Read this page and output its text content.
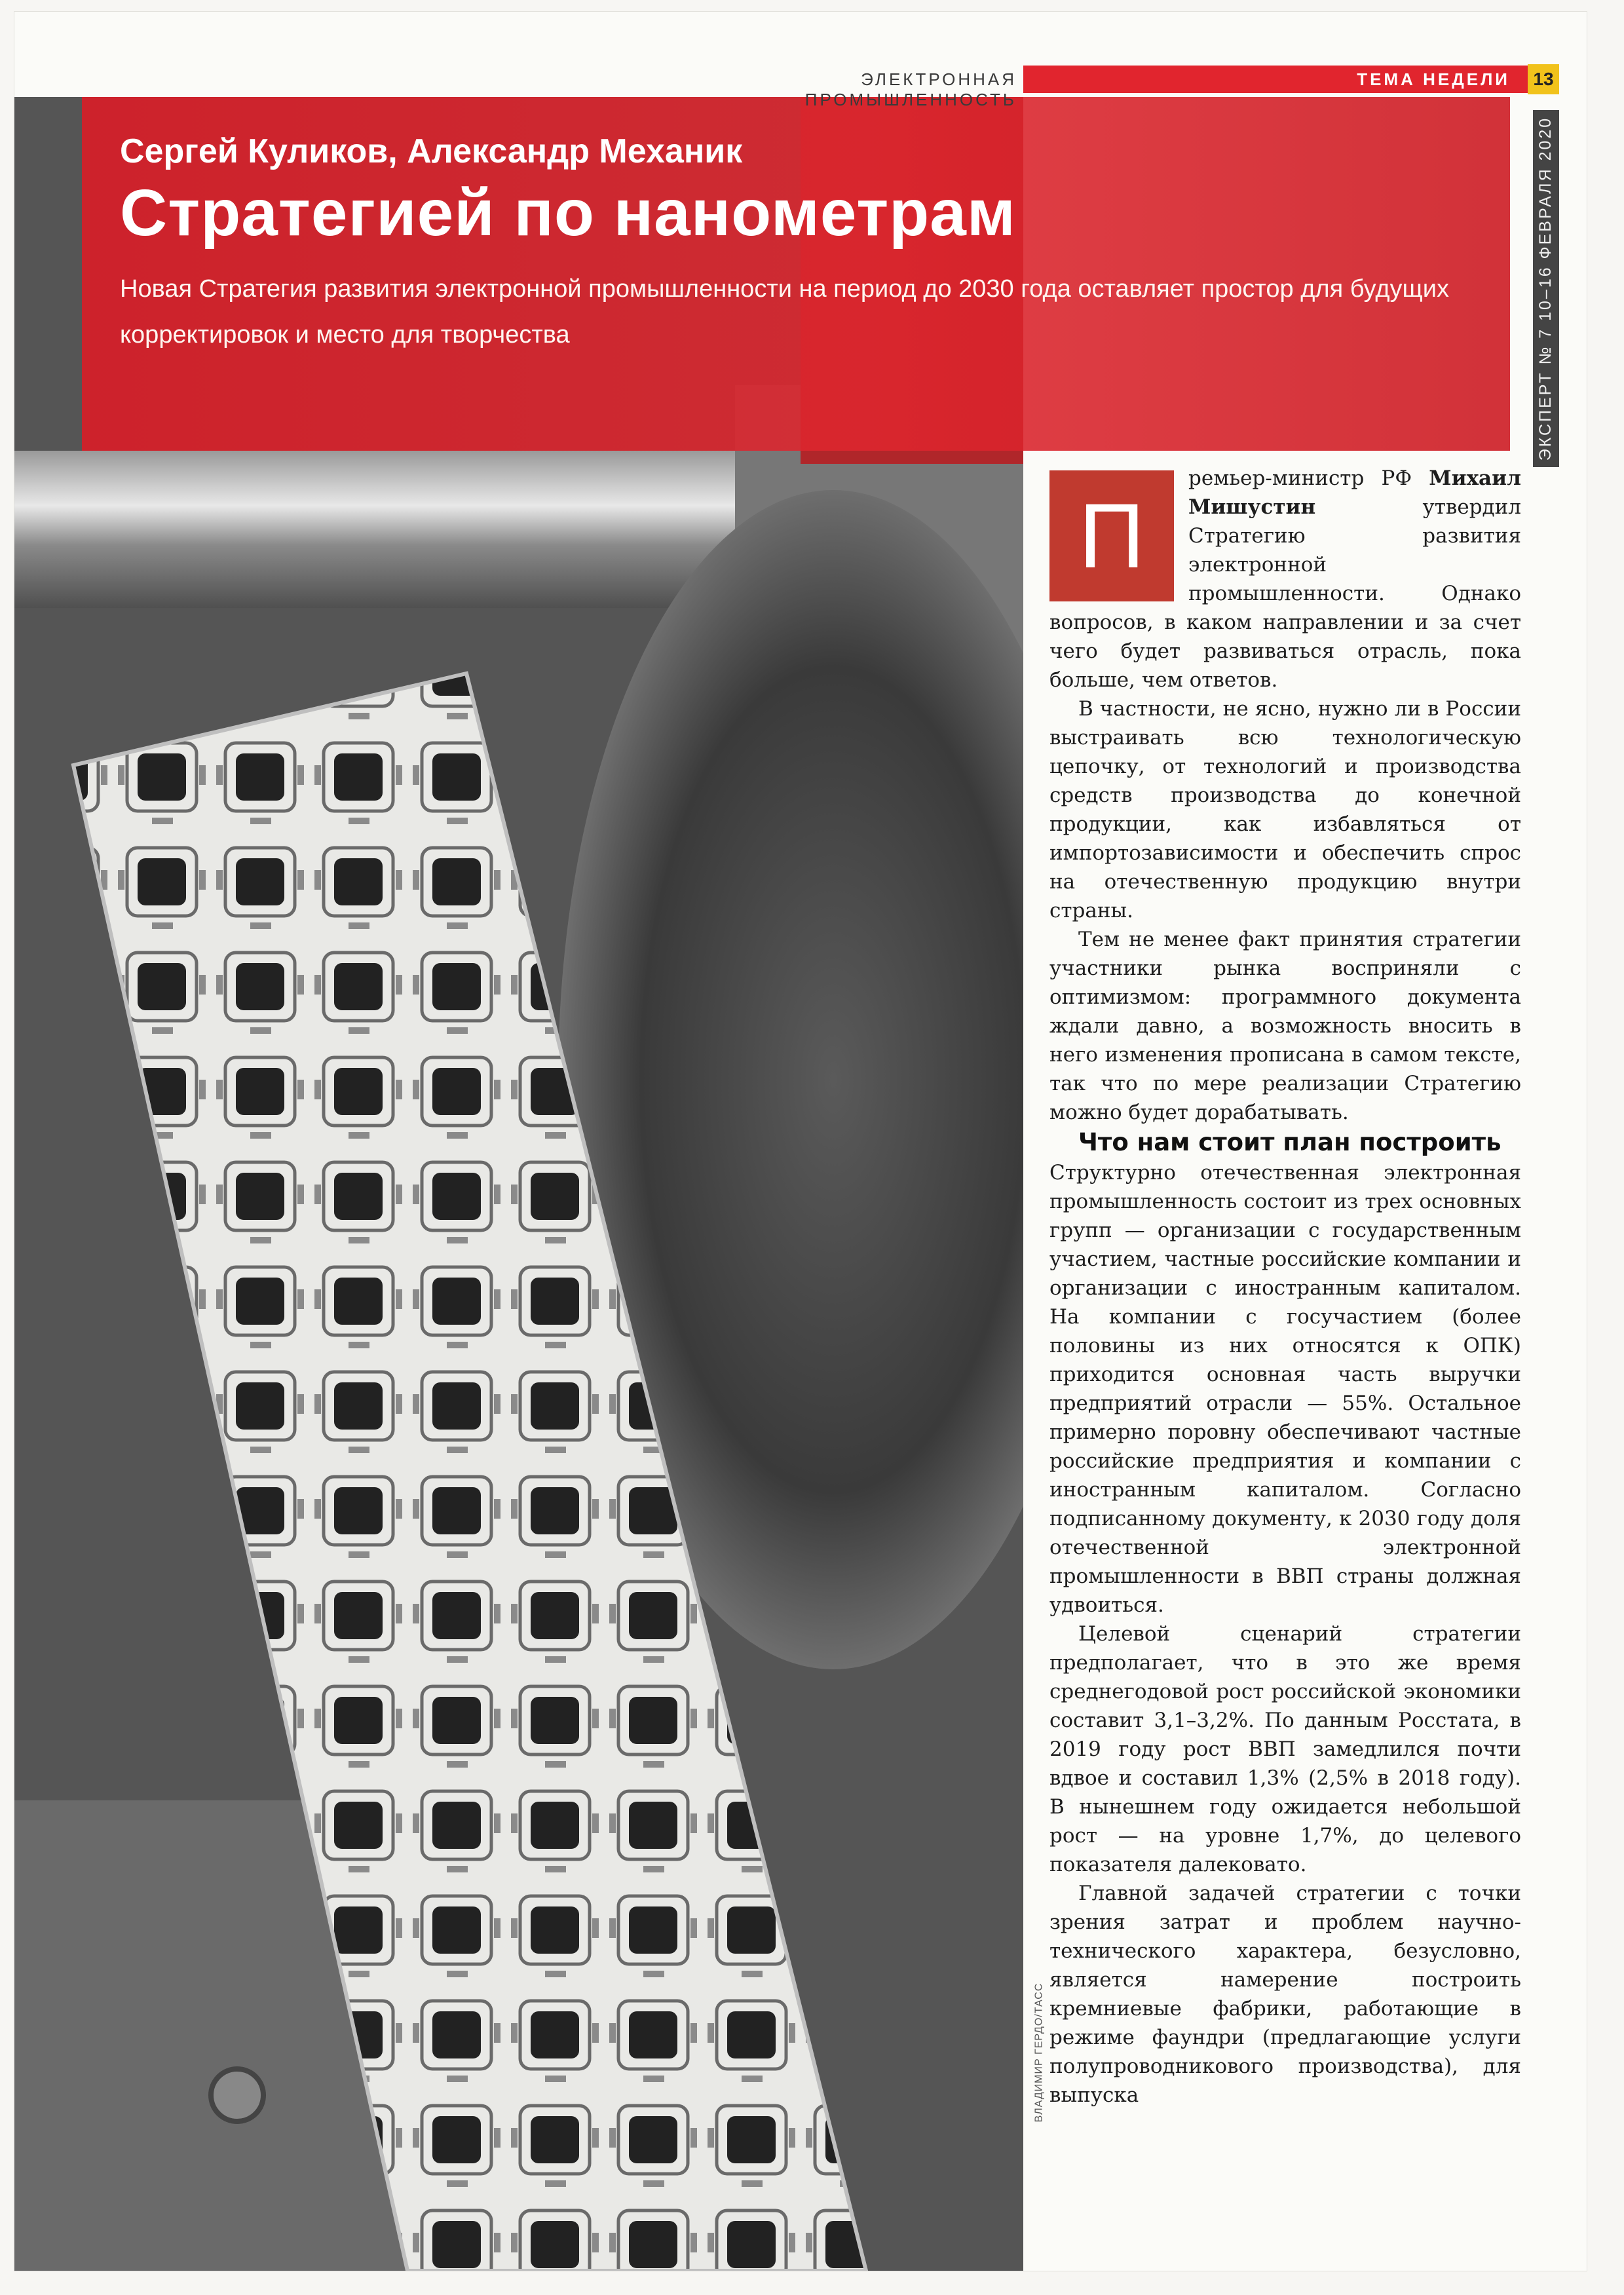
Сергей Куликов, Александр Механик
Стратегией по нанометрам

Новая Стратегия развития электронной промышленности на период до 2030 года оставляет простор для будущих корректировок и место для творчества

ЭЛЕКТРОННАЯ ПРОМЫШЛЕННОСТЬ
ТЕМА НЕДЕЛИ	13
ЭКСПЕРТ № 7 10–16 ФЕВРАЛЯ 2020
ВЛАДИМИР ГЕРДО/ТАСС

П
ремьер-министр РФ Михаил Мишустин утвердил Стратегию развития электронной промышленности. Однако вопросов, в каком направлении и за счет чего будет развиваться отрасль, пока больше, чем ответов.

В частности, не ясно, нужно ли в России выстраивать всю технологическую цепочку, от технологий и производства средств производства до конечной продукции, как избавляться от импортозависимости и обеспечить спрос на отечественную продукцию внутри страны.

Тем не менее факт принятия стратегии участники рынка восприняли с оптимизмом: программного документа ждали давно, а возможность вносить в него изменения прописана в самом тексте, так что по мере реализации Стратегию можно будет дорабатывать.

Что нам стоит план построить

Структурно отечественная электронная промышленность состоит из трех основных групп — организации с государственным участием, частные российские компании и организации с иностранным капиталом. На компании с госучастием (более половины из них относятся к ОПК) приходится основная часть выручки предприятий отрасли — 55%. Остальное примерно поровну обеспечивают частные российские предприятия и компании с иностранным капиталом. Согласно подписанному документу, к 2030 году доля отечественной электронной промышленности в ВВП страны должная удвоиться.

Целевой сценарий стратегии предполагает, что в это же время среднегодовой рост российской экономики составит 3,1–3,2%. По данным Росстата, в 2019 году рост ВВП замедлился почти вдвое и составил 1,3% (2,5% в 2018 году). В нынешнем году ожидается небольшой рост — на уровне 1,7%, до целевого показателя далековато.

Главной задачей стратегии с точки зрения затрат и проблем научно-технического характера, безусловно, является намерение построить кремниевые фабрики, работающие в режиме фаундри (предлагающие услуги полупроводникового производства), для выпуска
